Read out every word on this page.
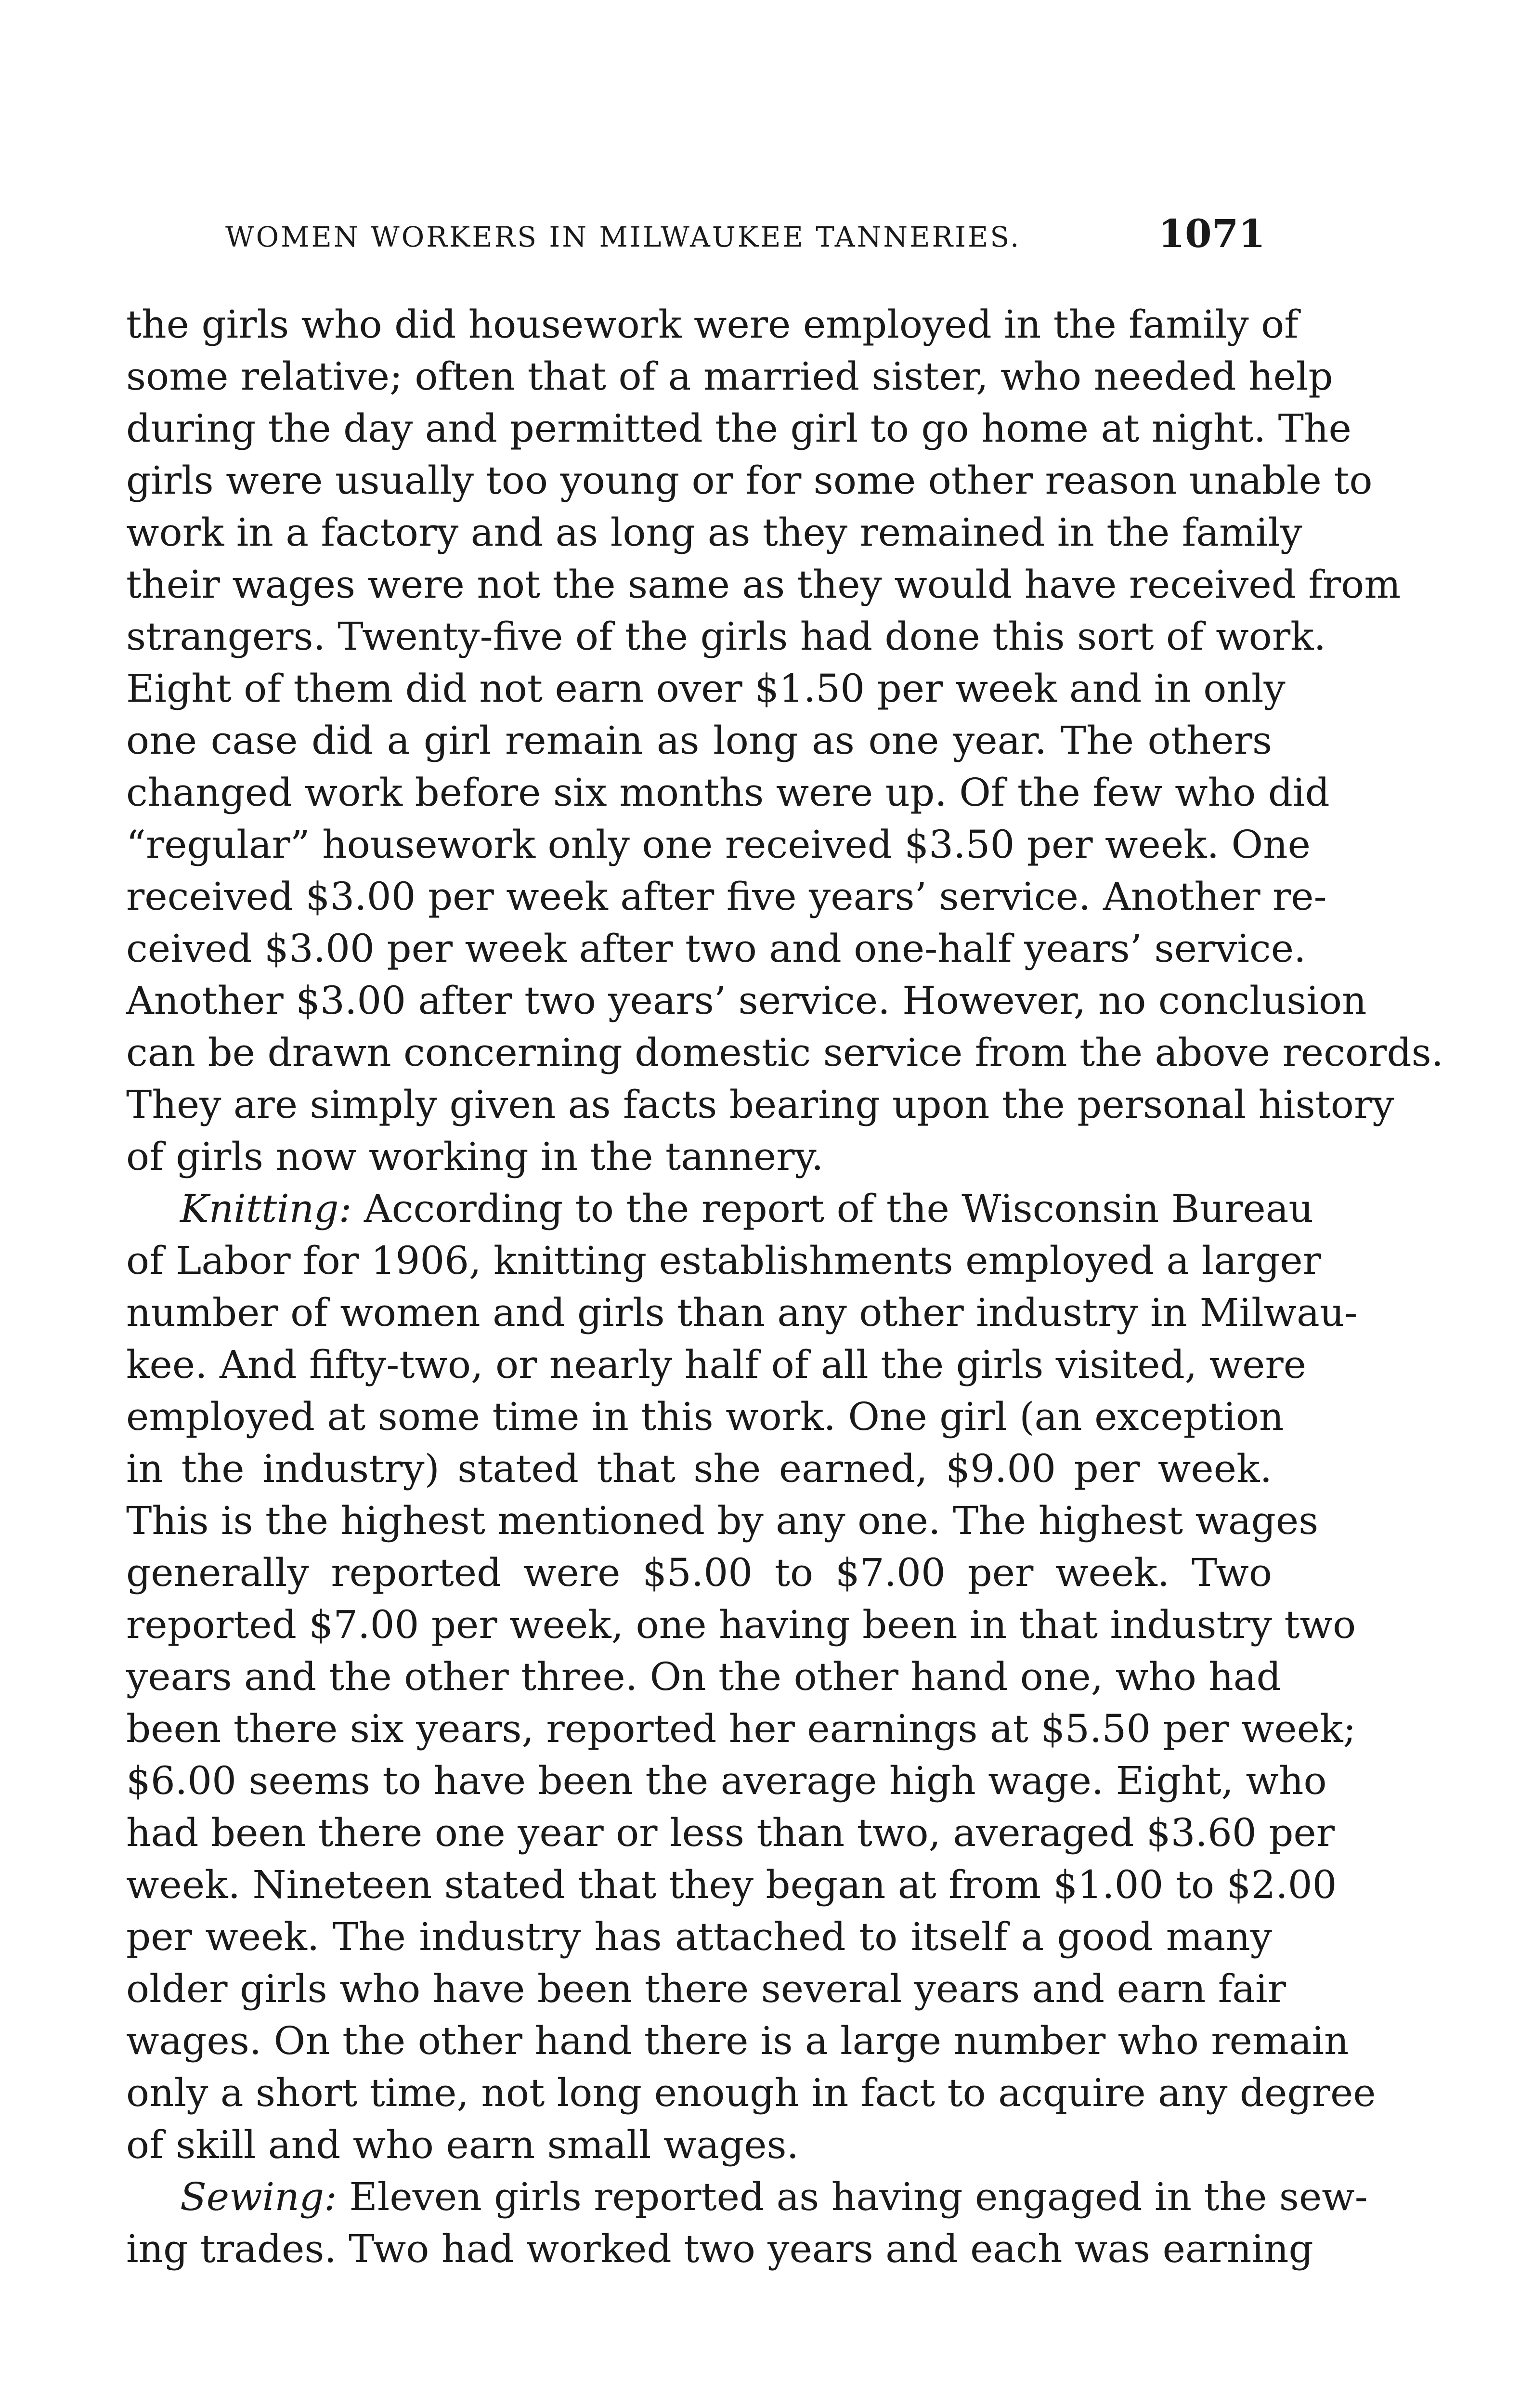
WOMEN WORKERS IN MILWAUKEE TANNERIES.	1071
the girls who did housework were employed in the family of
some relative; often that of a married sister, who needed help
during the day and permitted the girl to go home at night. The
girls were usually too young or for some other reason unable to
work in a factory and as long as they remained in the family
their wages were not the same as they would have received from
strangers. Twenty-five of the girls had done this sort of work.
Eight of them did not earn over $1.50 per week and in only
one case did a girl remain as long as one year. The others
changed work before six months were up. Of the few who did
“regular” housework only one received $3.50 per week. One
received $3.00 per week after five years’ service. Another re-
ceived $3.00 per week after two and one-half years’ service.
Another $3.00 after two years’ service. However, no conclusion
can be drawn concerning domestic service from the above records.
They are simply given as facts bearing upon the personal history
of girls now working in the tannery.
Knitting: According to the report of the Wisconsin Bureau
of Labor for 1906, knitting establishments employed a larger
number of women and girls than any other industry in Milwau-
kee. And fifty-two, or nearly half of all the girls visited, were
employed at some time in this work. One girl (an exception
in the industry) stated that she earned, $9.00 per week.
This is the highest mentioned by any one. The highest wages
generally reported were $5.00 to $7.00 per week. Two
reported $7.00 per week, one having been in that industry two
years and the other three. On the other hand one, who had
been there six years, reported her earnings at $5.50 per week;
$6.00 seems to have been the average high wage. Eight, who
had been there one year or less than two, averaged $3.60 per
week. Nineteen stated that they began at from $1.00 to $2.00
per week. The industry has attached to itself a good many
older girls who have been there several years and earn fair
wages. On the other hand there is a large number who remain
only a short time, not long enough in fact to acquire any degree
of skill and who earn small wages.
Sewing: Eleven girls reported as having engaged in the sew-
ing trades. Two had worked two years and each was earning
